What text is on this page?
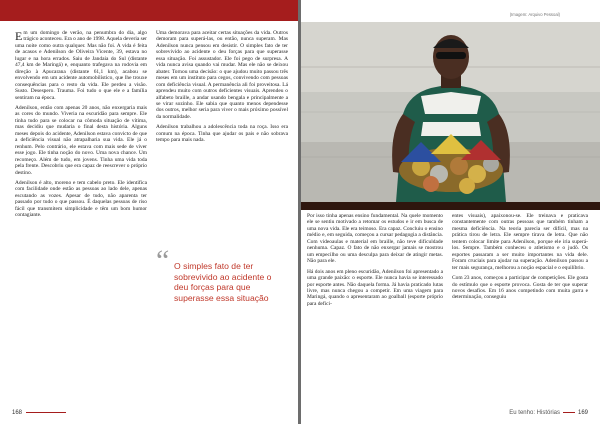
Em um domingo de verão, na penumbra do dia, algo trágico aconteceu. Era o ano de 1998. Aquela deveria ser uma noite como outra qualquer. Mas não foi. A vida é feita de acasos e Adenilson de Oliveira Vicente, 39, estava no lugar e na hora errados. Saiu de Jandaia do Sul (distante 47,4 km de Maringá) e, enquanto trafegava na rodovia em direção à Apucarana (distante 61,1 km), acabou se envolvendo em um acidente automobilístico, que lhe trouxe consequências para o resto da vida. Ele perdeu a visão. Susto. Desespero. Trauma. Foi tudo o que ele e a família sentiram na época.

Adenilson, então com apenas 20 anos, não enxergaria mais as cores do mundo. Viveria na escuridão para sempre. Ele tinha tudo para se colocar na cômoda situação de vítima, mas decidiu que mudaria o final desta história. Alguns meses depois do acidente, Adenilson estava convicto de que a deficiência visual não atrapalharia sua vida. Ele já o renhum. Pelo contrário, ele estava com mais sede de viver esse jogo. Ele tinha noção do novo. Uma nova chance. Um recomeço. Além de tudo, em jovens. Tinha uma vida toda pela frente. Descobriu que era capaz de reescrever o próprio destino.

Adenilson é alto, moreno e tem cabelo preto. Ele identifica com facilidade onde estão as pessoas ao lado dele, apenas escutando as vozes. Apesar de tudo, não aparenta ter passado por tudo o que passou. É daquelas pessoas de riso fácil que transmitem simplicidade e têm um bom humor contagiante.

Uma demorava para aceitar certas situações da vida. Outros demoram para superá-las, ou então, nunca superam. Mas Adenilson nunca pensou em desistir. O simples fato de ter sobrevivido ao acidente o deu forças para que superasse essa situação. Foi assustador. Ele foi pego de surpresa. A vida nunca avisa quando vai mudar. Mas ele não se deixou abater. Tornou uma decisão: o que ajudou muito passou três meses em um instituto para cegos, convivendo com pessoas com deficiência visual. A permanência ali foi proveitosa. Lá aprendeu muito com outros deficientes visuais. Aprendeu o alfabeto braille, a andar usando bengala e principalmente a se virar sozinho. Ele sabia que quanto menos dependesse dos outros, melhor seria para viver o mais próximo possível da normalidade.

Adenilson trabalhou a adolescência toda na roça. Isso era comum na época. Tinha que ajudar os pais e não sobrava tempo para mais nada.

“ O simples fato de ter sobrevivido ao acidente o deu forças para que superasse essa situação
168
(Imagem: Arquivo Pessoal)

Por isso tinha apenas ensino fundamental. Na quele momento ele se sentiu motivado a retomar os estudos e ir em busca de uma nova vida. Ele era teimoso. Era capaz. Concluiu o ensino médio e, em seguida, começou a cursar pedagogia a distância. Com videoaulas e material em braille, não teve dificuldade nenhuma. Capaz. O fato de não enxergar jamais se mostrou um empecilho ou uma desculpa para deixar de atingir metas. Não para ele.

Há dois anos em pleno escuridão, Adenilson foi apresentado a uma grande paixão: o esporte. Ele nunca havia se interessado por esporte antes. Não daquela forma. Já havia praticado lutas livre, mas nunca chegou a competir. Em uma viagem para Maringá, quando o apresentaram ao goalball (esporte próprio para defici-

entes visuais), apaixonou-se. Ele treinava e praticava constantemente com outras pessoas que também tinham a mesma deficiência. Na teoria parecia ser difícil, mas na prática tirou de letra. Ele sempre tirava de letra. Que não tentem colocar limite para Adenilson, porque ele iria superá-los. Sempre. Também conheceu o atletismo e o judô. Os esportes passaram a ser muito importantes na vida dele. Foram cruciais para ajudar na superação. Adenilson passou a ter mais segurança, melhorou a noção espacial e o equilíbrio.

Com 23 anos, começou a participar de competições. Ele gosta do estímulo que o esporte provoca. Gosta de ter que superar novos desafios. Em 16 anos competindo com muita garra e determinação, conseguiu

Eu tenho: Histórias	169
